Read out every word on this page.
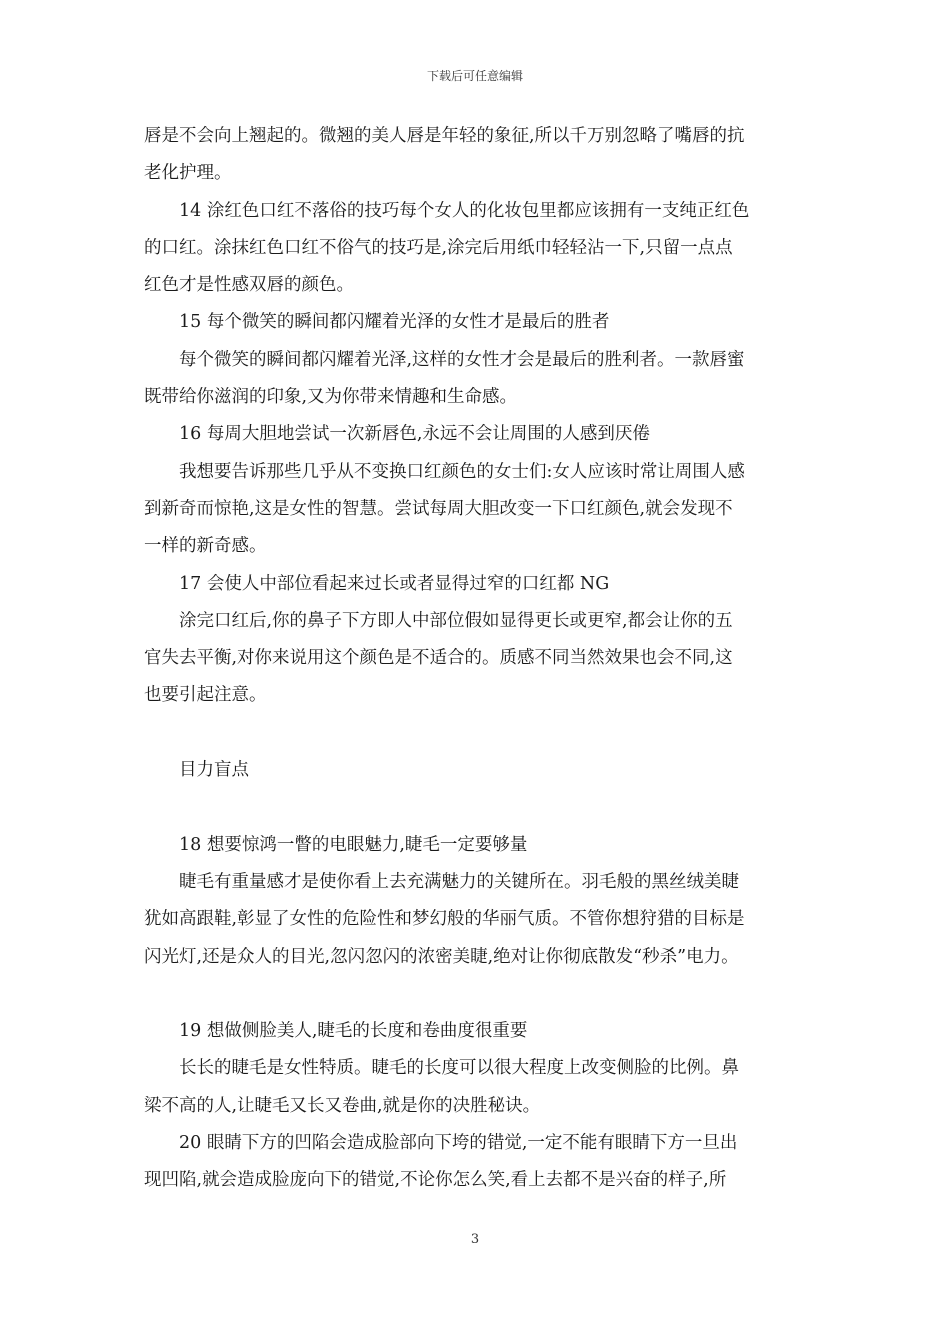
下载后可任意编辑

唇是不会向上翘起的。微翘的美人唇是年轻的象征,所以千万别忽略了嘴唇的抗

老化护理。

14 涂红色口红不落俗的技巧每个女人的化妆包里都应该拥有一支纯正红色

的口红。涂抹红色口红不俗气的技巧是,涂完后用纸巾轻轻沾一下,只留一点点

红色才是性感双唇的颜色。

15 每个微笑的瞬间都闪耀着光泽的女性才是最后的胜者

每个微笑的瞬间都闪耀着光泽,这样的女性才会是最后的胜利者。一款唇蜜

既带给你滋润的印象,又为你带来情趣和生命感。

16 每周大胆地尝试一次新唇色,永远不会让周围的人感到厌倦

我想要告诉那些几乎从不变换口红颜色的女士们:女人应该时常让周围人感

到新奇而惊艳,这是女性的智慧。尝试每周大胆改变一下口红颜色,就会发现不

一样的新奇感。

17 会使人中部位看起来过长或者显得过窄的口红都 NG

涂完口红后,你的鼻子下方即人中部位假如显得更长或更窄,都会让你的五

官失去平衡,对你来说用这个颜色是不适合的。质感不同当然效果也会不同,这

也要引起注意。

目力盲点

18 想要惊鸿一瞥的电眼魅力,睫毛一定要够量

睫毛有重量感才是使你看上去充满魅力的关键所在。羽毛般的黑丝绒美睫

犹如高跟鞋,彰显了女性的危险性和梦幻般的华丽气质。不管你想狩猎的目标是

闪光灯,还是众人的目光,忽闪忽闪的浓密美睫,绝对让你彻底散发“秒杀”电力。

19 想做侧脸美人,睫毛的长度和卷曲度很重要

长长的睫毛是女性特质。睫毛的长度可以很大程度上改变侧脸的比例。鼻

梁不高的人,让睫毛又长又卷曲,就是你的决胜秘诀。

20 眼睛下方的凹陷会造成脸部向下垮的错觉,一定不能有眼睛下方一旦出

现凹陷,就会造成脸庞向下的错觉,不论你怎么笑,看上去都不是兴奋的样子,所

3
